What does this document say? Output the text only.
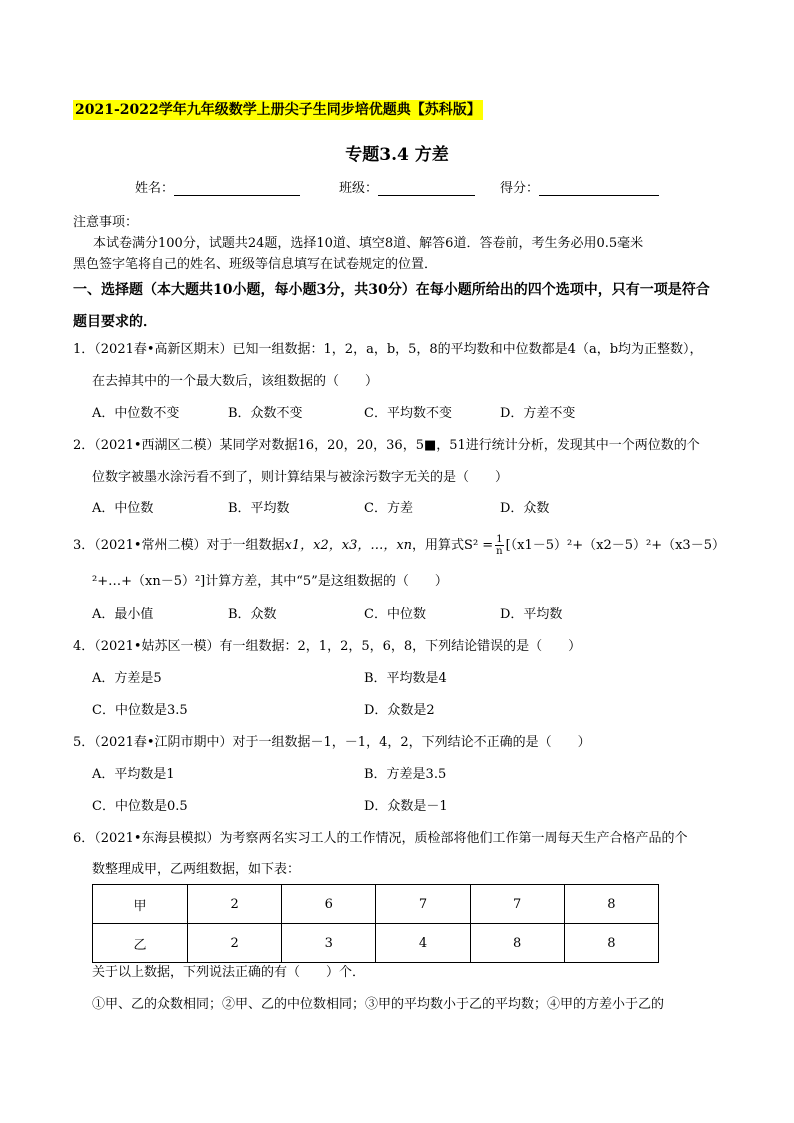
2021-2022学年九年级数学上册尖子生同步培优题典【苏科版】
专题3.4 方差
姓名：	班级：	得分：

注意事项：

本试卷满分100分，试题共24题，选择10道、填空8道、解答6道．答卷前，考生务必用0.5毫米

黑色签字笔将自己的姓名、班级等信息填写在试卷规定的位置．

一、选择题（本大题共10小题，每小题3分，共30分）在每小题所给出的四个选项中，只有一项是符合
题目要求的．
1．（2021春•高新区期末）已知一组数据：1，2，a，b，5，8的平均数和中位数都是4（a，b均为正整数），
在去掉其中的一个最大数后，该组数据的（　　）
A．中位数不变	B．众数不变	C．平均数不变	D．方差不变
2．（2021•西湖区二模）某同学对数据16，20，20，36，5■，51进行统计分析，发现其中一个两位数的个
位数字被墨水涂污看不到了，则计算结果与被涂污数字无关的是（　　）
A．中位数	B．平均数	C．方差	D．众数
3．（2021•常州二模）对于一组数据x1，x2，x3，…，xn，用算式$S^2 = \frac{1}{n} [(x1-5)^2+(x2-5)^2+(x3-5)$
²+…+（xn－5）²]计算方差，其中“5”是这组数据的（　　）
A．最小值	B．众数	C．中位数	D．平均数
4．（2021•姑苏区一模）有一组数据：2，1，2，5，6，8，下列结论错误的是（　　）
A．方差是5	B．平均数是4
C．中位数是3.5	D．众数是2
5．（2021春•江阴市期中）对于一组数据－1，－1，4，2，下列结论不正确的是（　　）
A．平均数是1	B．方差是3.5
C．中位数是0.5	D．众数是－1
6．（2021•东海县模拟）为考察两名实习工人的工作情况，质检部将他们工作第一周每天生产合格产品的个
数整理成甲，乙两组数据，如下表：
甲	2	6	7	7	8
乙	2	3	4	8	8
关于以上数据，下列说法正确的有（　　）个．
①甲、乙的众数相同；②甲、乙的中位数相同；③甲的平均数小于乙的平均数；④甲的方差小于乙的
